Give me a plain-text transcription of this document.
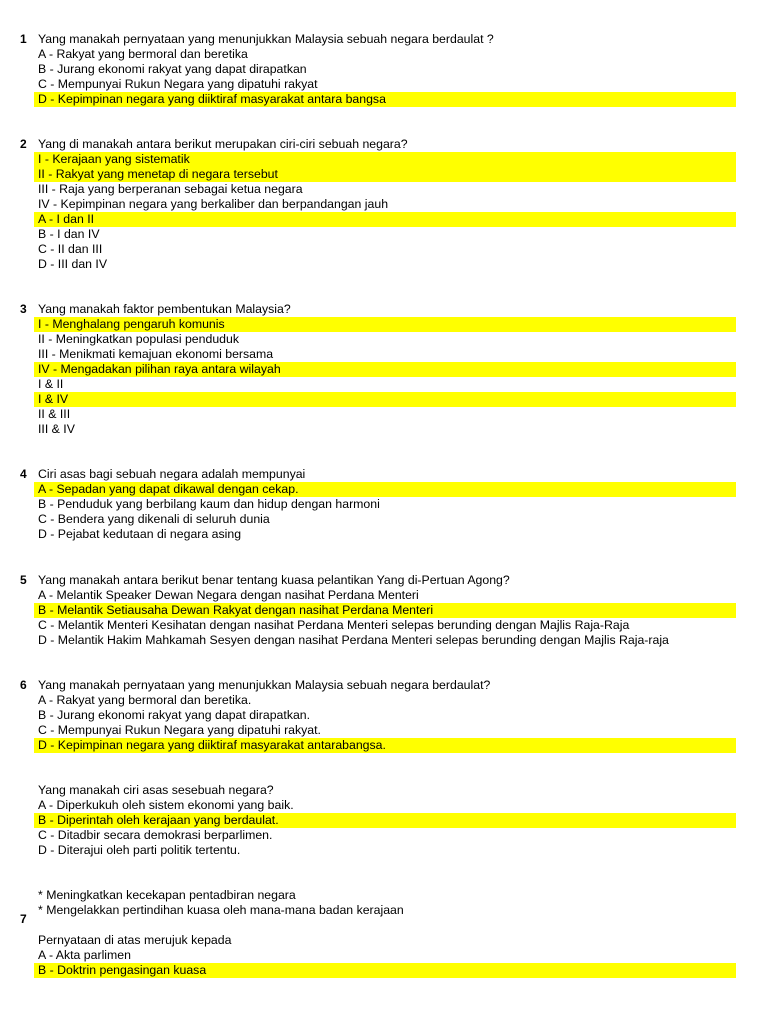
1 Yang manakah pernyataan yang menunjukkan Malaysia sebuah negara berdaulat ?
A - Rakyat yang bermoral dan beretika
B - Jurang ekonomi rakyat yang dapat dirapatkan
C - Mempunyai Rukun Negara yang dipatuhi rakyat
D - Kepimpinan negara yang diiktiraf masyarakat antara bangsa
2 Yang di manakah antara berikut merupakan ciri-ciri sebuah negara?
I - Kerajaan yang sistematik
II - Rakyat yang menetap di negara tersebut
III - Raja yang berperanan sebagai ketua negara
IV - Kepimpinan negara yang berkaliber dan berpandangan jauh
A - I dan II
B - I dan IV
C - II dan III
D - III dan IV
3 Yang manakah faktor pembentukan Malaysia?
I - Menghalang pengaruh komunis
II - Meningkatkan populasi penduduk
III - Menikmati kemajuan ekonomi bersama
IV - Mengadakan pilihan raya antara wilayah
I & II
I & IV
II & III
III & IV
4 Ciri asas bagi sebuah negara adalah mempunyai
A - Sepadan yang dapat dikawal dengan cekap.
B - Penduduk yang berbilang kaum dan hidup dengan harmoni
C - Bendera yang dikenali di seluruh dunia
D - Pejabat kedutaan di negara asing
5 Yang manakah antara berikut benar tentang kuasa pelantikan Yang di-Pertuan Agong?
A - Melantik Speaker Dewan Negara dengan nasihat Perdana Menteri
B - Melantik Setiausaha Dewan Rakyat dengan nasihat Perdana Menteri
C - Melantik Menteri Kesihatan dengan nasihat Perdana Menteri selepas berunding dengan Majlis Raja-Raja
D - Melantik Hakim Mahkamah Sesyen dengan nasihat Perdana Menteri selepas berunding dengan Majlis Raja-raja
6 Yang manakah pernyataan yang menunjukkan Malaysia sebuah negara berdaulat?
A - Rakyat yang bermoral dan beretika.
B - Jurang ekonomi rakyat yang dapat dirapatkan.
C - Mempunyai Rukun Negara yang dipatuhi rakyat.
D - Kepimpinan negara yang diiktiraf masyarakat antarabangsa.
Yang manakah ciri asas sesebuah negara?
A - Diperkukuh oleh sistem ekonomi yang baik.
B - Diperintah oleh kerajaan yang berdaulat.
C - Ditadbir secara demokrasi berparlimen.
D - Diterajui oleh parti politik tertentu.
7
* Meningkatkan kecekapan pentadbiran negara
* Mengelakkan pertindihan kuasa oleh mana-mana badan kerajaan
Pernyataan di atas merujuk kepada
A - Akta parlimen
B - Doktrin pengasingan kuasa
